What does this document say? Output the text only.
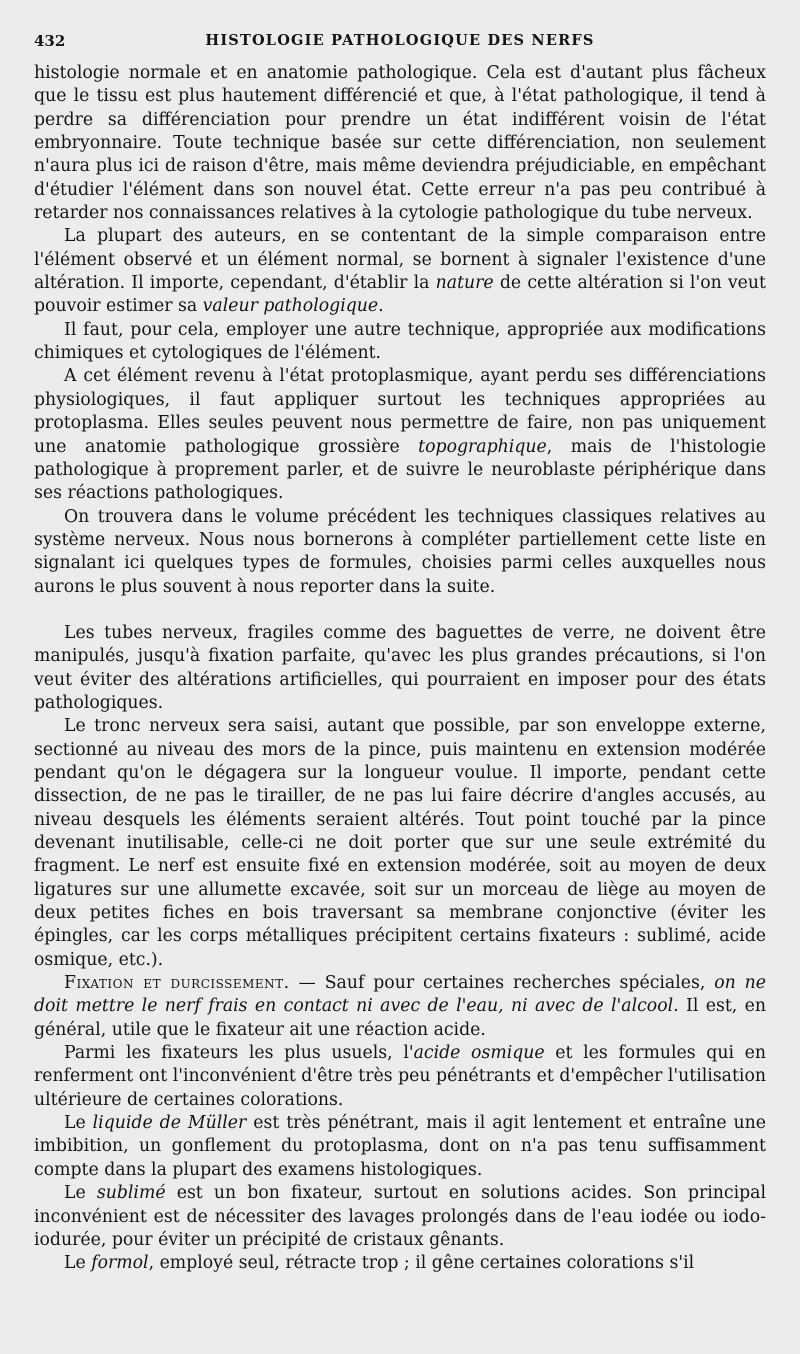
432	HISTOLOGIE PATHOLOGIQUE DES NERFS

histologie normale et en anatomie pathologique. Cela est d'autant plus fâcheux que le tissu est plus hautement différencié et que, à l'état pathologique, il tend à perdre sa différenciation pour prendre un état indifférent voisin de l'état embryonnaire. Toute technique basée sur cette différenciation, non seulement n'aura plus ici de raison d'être, mais même deviendra préjudiciable, en empêchant d'étudier l'élément dans son nouvel état. Cette erreur n'a pas peu contribué à retarder nos connaissances relatives à la cytologie pathologique du tube nerveux.

La plupart des auteurs, en se contentant de la simple comparaison entre l'élément observé et un élément normal, se bornent à signaler l'existence d'une altération. Il importe, cependant, d'établir la nature de cette altération si l'on veut pouvoir estimer sa valeur pathologique.

Il faut, pour cela, employer une autre technique, appropriée aux modifications chimiques et cytologiques de l'élément.

A cet élément revenu à l'état protoplasmique, ayant perdu ses différenciations physiologiques, il faut appliquer surtout les techniques appropriées au protoplasma. Elles seules peuvent nous permettre de faire, non pas uniquement une anatomie pathologique grossière topographique, mais de l'histologie pathologique à proprement parler, et de suivre le neuroblaste périphérique dans ses réactions pathologiques.

On trouvera dans le volume précédent les techniques classiques relatives au système nerveux. Nous nous bornerons à compléter partiellement cette liste en signalant ici quelques types de formules, choisies parmi celles auxquelles nous aurons le plus souvent à nous reporter dans la suite.

Les tubes nerveux, fragiles comme des baguettes de verre, ne doivent être manipulés, jusqu'à fixation parfaite, qu'avec les plus grandes précautions, si l'on veut éviter des altérations artificielles, qui pourraient en imposer pour des états pathologiques.

Le tronc nerveux sera saisi, autant que possible, par son enveloppe externe, sectionné au niveau des mors de la pince, puis maintenu en extension modérée pendant qu'on le dégagera sur la longueur voulue. Il importe, pendant cette dissection, de ne pas le tirailler, de ne pas lui faire décrire d'angles accusés, au niveau desquels les éléments seraient altérés. Tout point touché par la pince devenant inutilisable, celle-ci ne doit porter que sur une seule extrémité du fragment. Le nerf est ensuite fixé en extension modérée, soit au moyen de deux ligatures sur une allumette excavée, soit sur un morceau de liège au moyen de deux petites fiches en bois traversant sa membrane conjonctive (éviter les épingles, car les corps métalliques précipitent certains fixateurs : sublimé, acide osmique, etc.).

Fixation et durcissement. — Sauf pour certaines recherches spéciales, on ne doit mettre le nerf frais en contact ni avec de l'eau, ni avec de l'alcool. Il est, en général, utile que le fixateur ait une réaction acide.

Parmi les fixateurs les plus usuels, l'acide osmique et les formules qui en renferment ont l'inconvénient d'être très peu pénétrants et d'empêcher l'utilisation ultérieure de certaines colorations.

Le liquide de Müller est très pénétrant, mais il agit lentement et entraîne une imbibition, un gonflement du protoplasma, dont on n'a pas tenu suffisamment compte dans la plupart des examens histologiques.

Le sublimé est un bon fixateur, surtout en solutions acides. Son principal inconvénient est de nécessiter des lavages prolongés dans de l'eau iodée ou iodo-iodurée, pour éviter un précipité de cristaux gênants.

Le formol, employé seul, rétracte trop ; il gêne certaines colorations s'il
